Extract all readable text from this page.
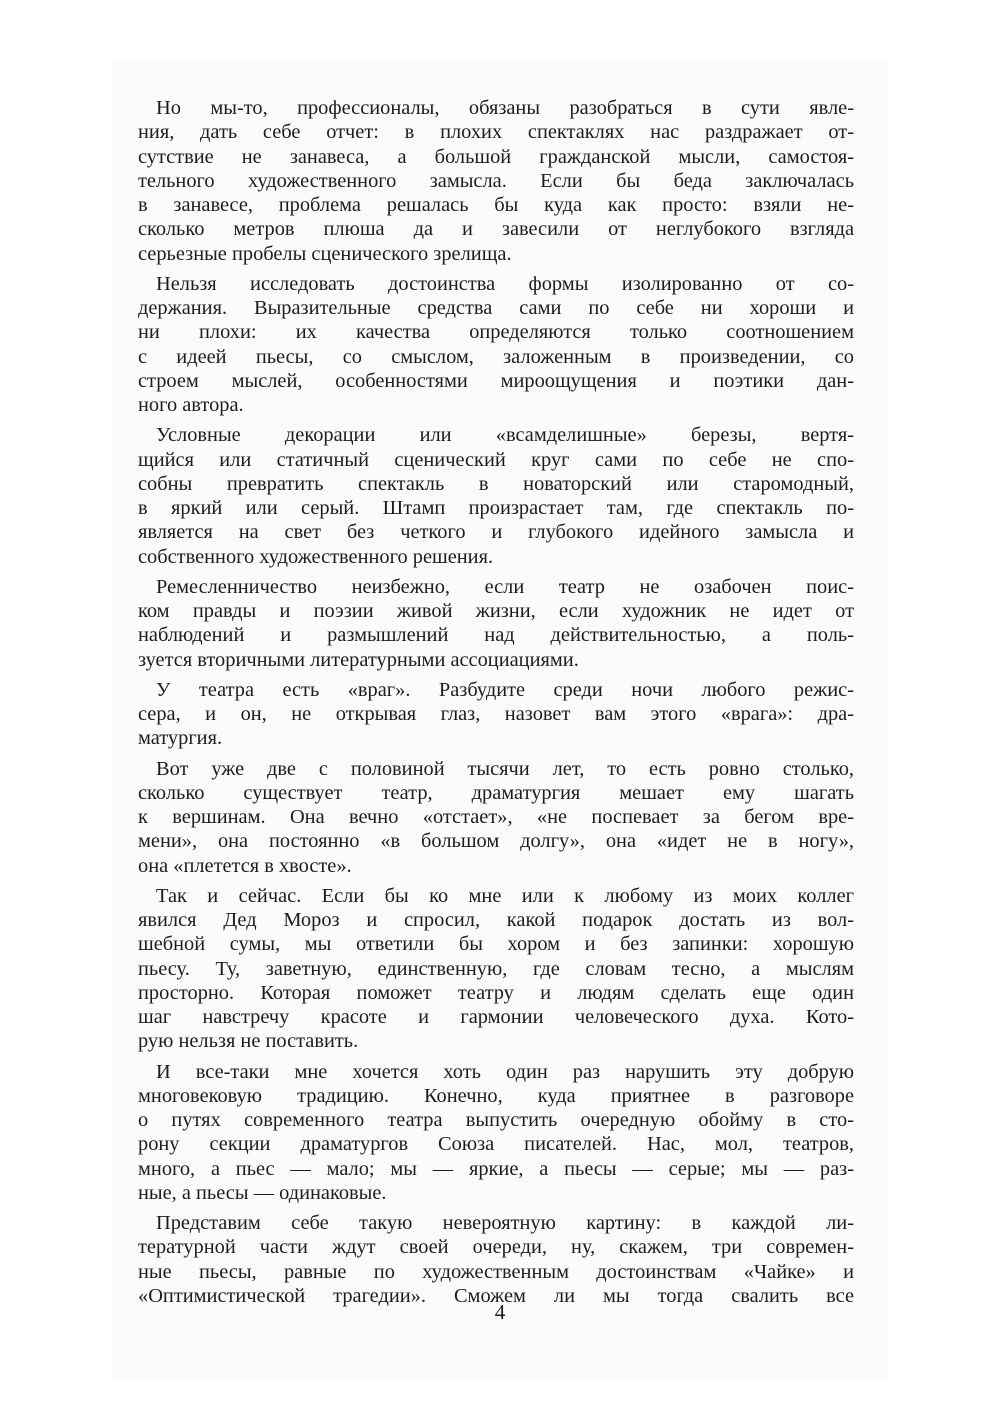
Но мы-то, профессионалы, обязаны разобраться в сути явле-
ния, дать себе отчет: в плохих спектаклях нас раздражает от-
сутствие не занавеса, а большой гражданской мысли, самостоя-
тельного художественного замысла. Если бы беда заключалась
в занавесе, проблема решалась бы куда как просто: взяли не-
сколько метров плюша да и завесили от неглубокого взгляда
серьезные пробелы сценического зрелища.
Нельзя исследовать достоинства формы изолированно от со-
держания. Выразительные средства сами по себе ни хороши и
ни плохи: их качества определяются только соотношением
с идеей пьесы, со смыслом, заложенным в произведении, со
строем мыслей, особенностями мироощущения и поэтики дан-
ного автора.
Условные декорации или «всамделишные» березы, вертя-
щийся или статичный сценический круг сами по себе не спо-
собны превратить спектакль в новаторский или старомодный,
в яркий или серый. Штамп произрастает там, где спектакль по-
является на свет без четкого и глубокого идейного замысла и
собственного художественного решения.
Ремесленничество неизбежно, если театр не озабочен поис-
ком правды и поэзии живой жизни, если художник не идет от
наблюдений и размышлений над действительностью, а поль-
зуется вторичными литературными ассоциациями.
У театра есть «враг». Разбудите среди ночи любого режис-
сера, и он, не открывая глаз, назовет вам этого «врага»: дра-
матургия.
Вот уже две с половиной тысячи лет, то есть ровно столько,
сколько существует театр, драматургия мешает ему шагать
к вершинам. Она вечно «отстает», «не поспевает за бегом вре-
мени», она постоянно «в большом долгу», она «идет не в ногу»,
она «плетется в хвосте».
Так и сейчас. Если бы ко мне или к любому из моих коллег
явился Дед Мороз и спросил, какой подарок достать из вол-
шебной сумы, мы ответили бы хором и без запинки: хорошую
пьесу. Ту, заветную, единственную, где словам тесно, а мыслям
просторно. Которая поможет театру и людям сделать еще один
шаг навстречу красоте и гармонии человеческого духа. Кото-
рую нельзя не поставить.
И все-таки мне хочется хоть один раз нарушить эту добрую
многовековую традицию. Конечно, куда приятнее в разговоре
о путях современного театра выпустить очередную обойму в сто-
рону секции драматургов Союза писателей. Нас, мол, театров,
много, а пьес — мало; мы — яркие, а пьесы — серые; мы — раз-
ные, а пьесы — одинаковые.
Представим себе такую невероятную картину: в каждой ли-
тературной части ждут своей очереди, ну, скажем, три современ-
ные пьесы, равные по художественным достоинствам «Чайке» и
«Оптимистической трагедии». Сможем ли мы тогда свалить все
4
